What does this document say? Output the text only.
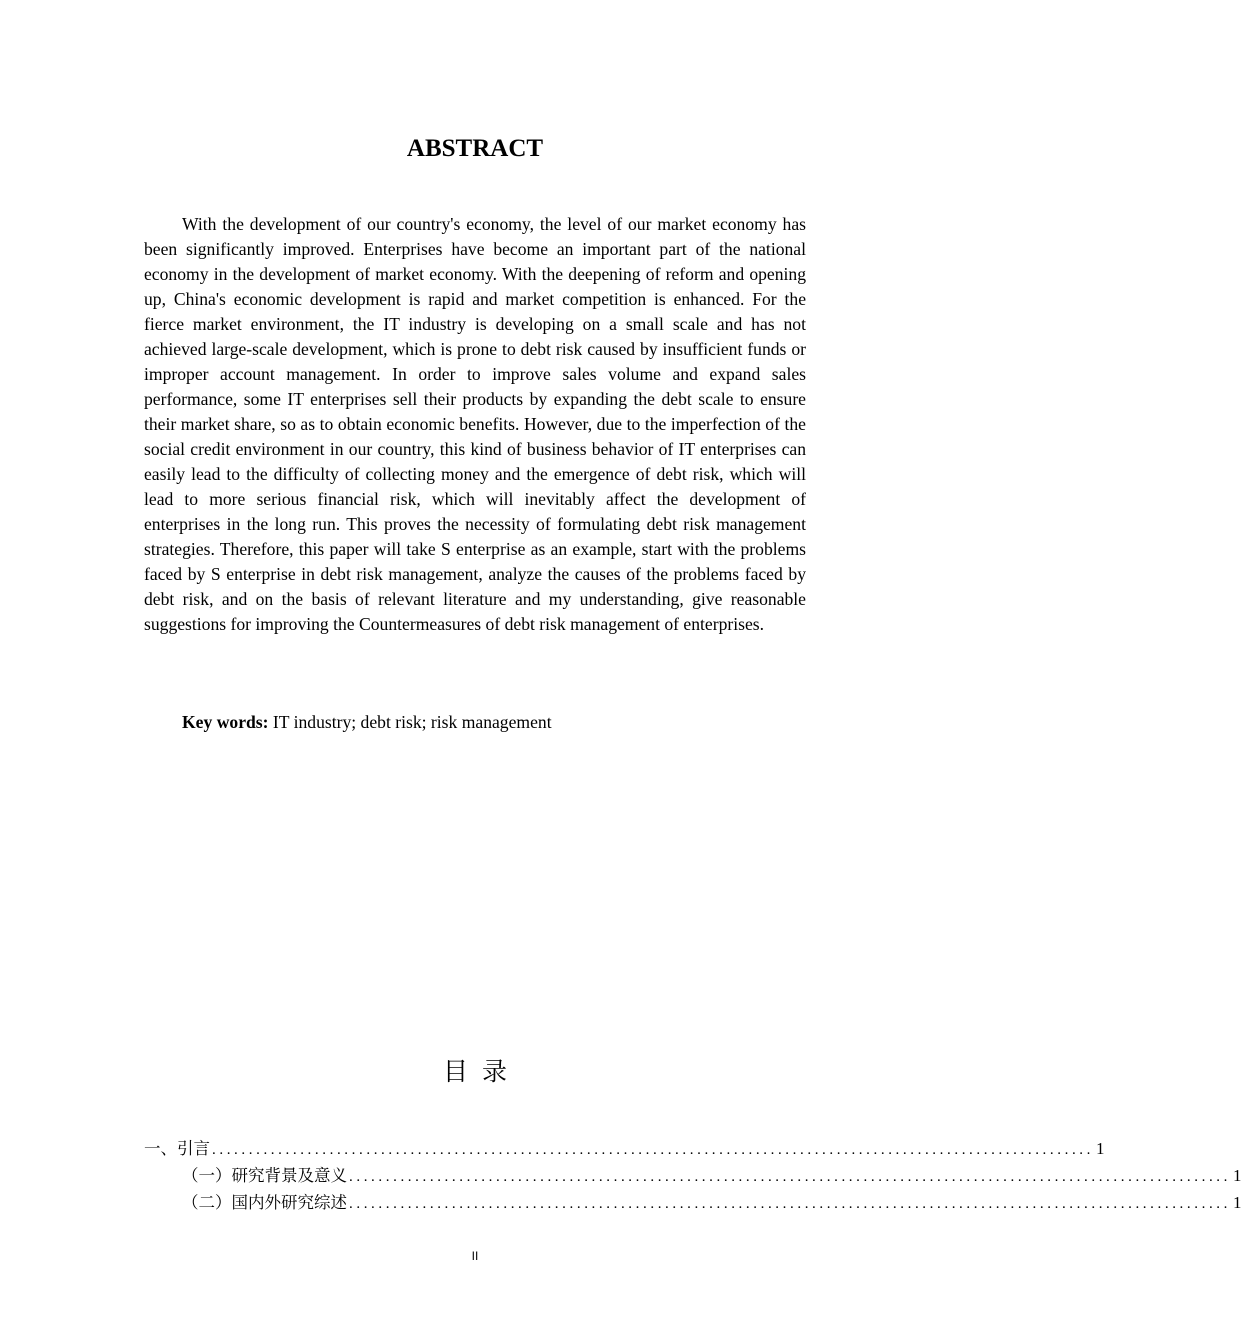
ABSTRACT

With the development of our country's economy, the level of our market economy has been significantly improved. Enterprises have become an important part of the national economy in the development of market economy. With the deepening of reform and opening up, China's economic development is rapid and market competition is enhanced. For the fierce market environment, the IT industry is developing on a small scale and has not achieved large-scale development, which is prone to debt risk caused by insufficient funds or improper account management. In order to improve sales volume and expand sales performance, some IT enterprises sell their products by expanding the debt scale to ensure their market share, so as to obtain economic benefits. However, due to the imperfection of the social credit environment in our country, this kind of business behavior of IT enterprises can easily lead to the difficulty of collecting money and the emergence of debt risk, which will lead to more serious financial risk, which will inevitably affect the development of enterprises in the long run. This proves the necessity of formulating debt risk management strategies. Therefore, this paper will take S enterprise as an example, start with the problems faced by S enterprise in debt risk management, analyze the causes of the problems faced by debt risk, and on the basis of relevant literature and my understanding, give reasonable suggestions for improving the Countermeasures of debt risk management of enterprises.

Key words: IT industry; debt risk; risk management
目录
一、引言 ........................................................................................................................ 1
（一）研究背景及意义 ........................................................................................................................ 1
（二）国内外研究综述 ........................................................................................................................ 1
II
